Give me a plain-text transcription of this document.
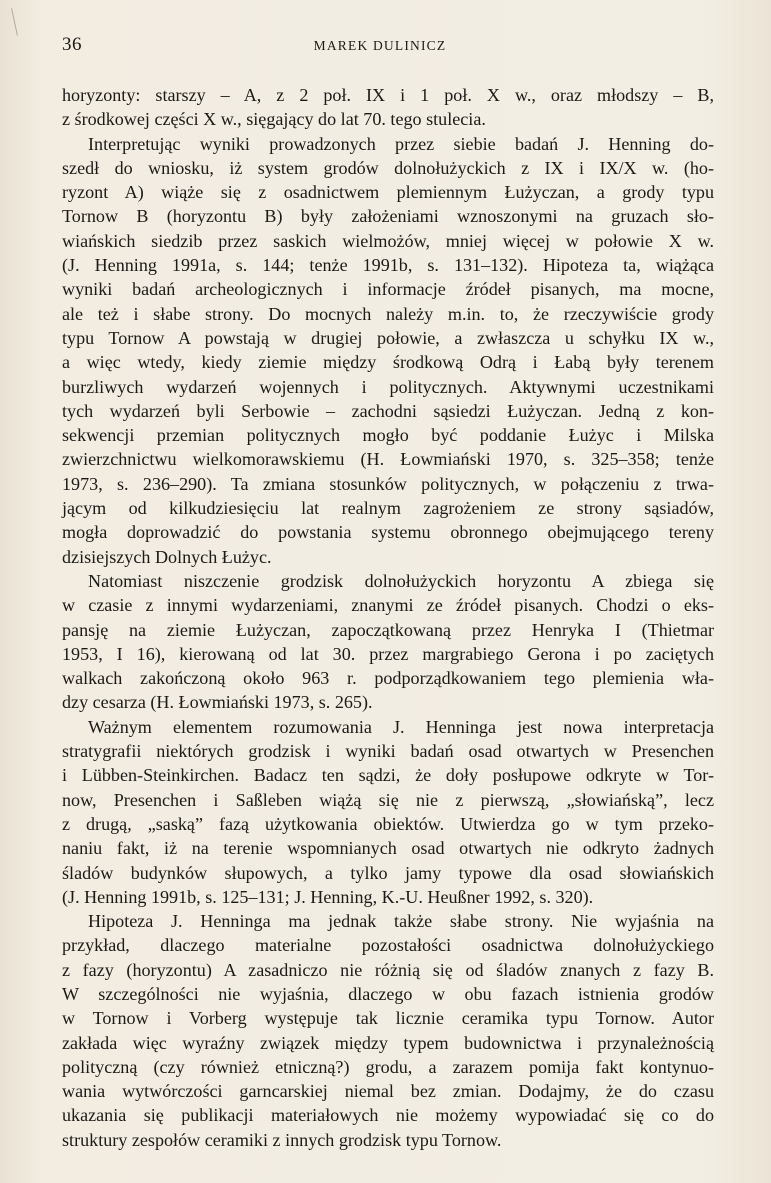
36	MAREK DULINICZ

horyzonty: starszy – A, z 2 poł. IX i 1 poł. X w., oraz młodszy – B,
z środkowej części X w., sięgający do lat 70. tego stulecia.

Interpretując wyniki prowadzonych przez siebie badań J. Henning do-
szedł do wniosku, iż system grodów dolnołużyckich z IX i IX/X w. (ho-
ryzont A) wiąże się z osadnictwem plemiennym Łużyczan, a grody typu
Tornow B (horyzontu B) były założeniami wznoszonymi na gruzach sło-
wiańskich siedzib przez saskich wielmożów, mniej więcej w połowie X w.
(J. Henning 1991a, s. 144; tenże 1991b, s. 131–132). Hipoteza ta, wiążąca
wyniki badań archeologicznych i informacje źródeł pisanych, ma mocne,
ale też i słabe strony. Do mocnych należy m.in. to, że rzeczywiście grody
typu Tornow A powstają w drugiej połowie, a zwłaszcza u schyłku IX w.,
a więc wtedy, kiedy ziemie między środkową Odrą i Łabą były terenem
burzliwych wydarzeń wojennych i politycznych. Aktywnymi uczestnikami
tych wydarzeń byli Serbowie – zachodni sąsiedzi Łużyczan. Jedną z kon-
sekwencji przemian politycznych mogło być poddanie Łużyc i Milska
zwierzchnictwu wielkomorawskiemu (H. Łowmiański 1970, s. 325–358; tenże
1973, s. 236–290). Ta zmiana stosunków politycznych, w połączeniu z trwa-
jącym od kilkudziesięciu lat realnym zagrożeniem ze strony sąsiadów,
mogła doprowadzić do powstania systemu obronnego obejmującego tereny
dzisiejszych Dolnych Łużyc.

Natomiast niszczenie grodzisk dolnołużyckich horyzontu A zbiega się
w czasie z innymi wydarzeniami, znanymi ze źródeł pisanych. Chodzi o eks-
pansję na ziemie Łużyczan, zapoczątkowaną przez Henryka I (Thietmar
1953, I 16), kierowaną od lat 30. przez margrabiego Gerona i po zaciętych
walkach zakończoną około 963 r. podporządkowaniem tego plemienia wła-
dzy cesarza (H. Łowmiański 1973, s. 265).

Ważnym elementem rozumowania J. Henninga jest nowa interpretacja
stratygrafii niektórych grodzisk i wyniki badań osad otwartych w Presenchen
i Lübben-Steinkirchen. Badacz ten sądzi, że doły posłupowe odkryte w Tor-
now, Presenchen i Saßleben wiążą się nie z pierwszą, „słowiańską”, lecz
z drugą, „saską” fazą użytkowania obiektów. Utwierdza go w tym przeko-
naniu fakt, iż na terenie wspomnianych osad otwartych nie odkryto żadnych
śladów budynków słupowych, a tylko jamy typowe dla osad słowiańskich
(J. Henning 1991b, s. 125–131; J. Henning, K.-U. Heußner 1992, s. 320).

Hipoteza J. Henninga ma jednak także słabe strony. Nie wyjaśnia na
przykład, dlaczego materialne pozostałości osadnictwa dolnołużyckiego
z fazy (horyzontu) A zasadniczo nie różnią się od śladów znanych z fazy B.
W szczególności nie wyjaśnia, dlaczego w obu fazach istnienia grodów
w Tornow i Vorberg występuje tak licznie ceramika typu Tornow. Autor
zakłada więc wyraźny związek między typem budownictwa i przynależnością
polityczną (czy również etniczną?) grodu, a zarazem pomija fakt kontynuo-
wania wytwórczości garncarskiej niemal bez zmian. Dodajmy, że do czasu
ukazania się publikacji materiałowych nie możemy wypowiadać się co do
struktury zespołów ceramiki z innych grodzisk typu Tornow.
